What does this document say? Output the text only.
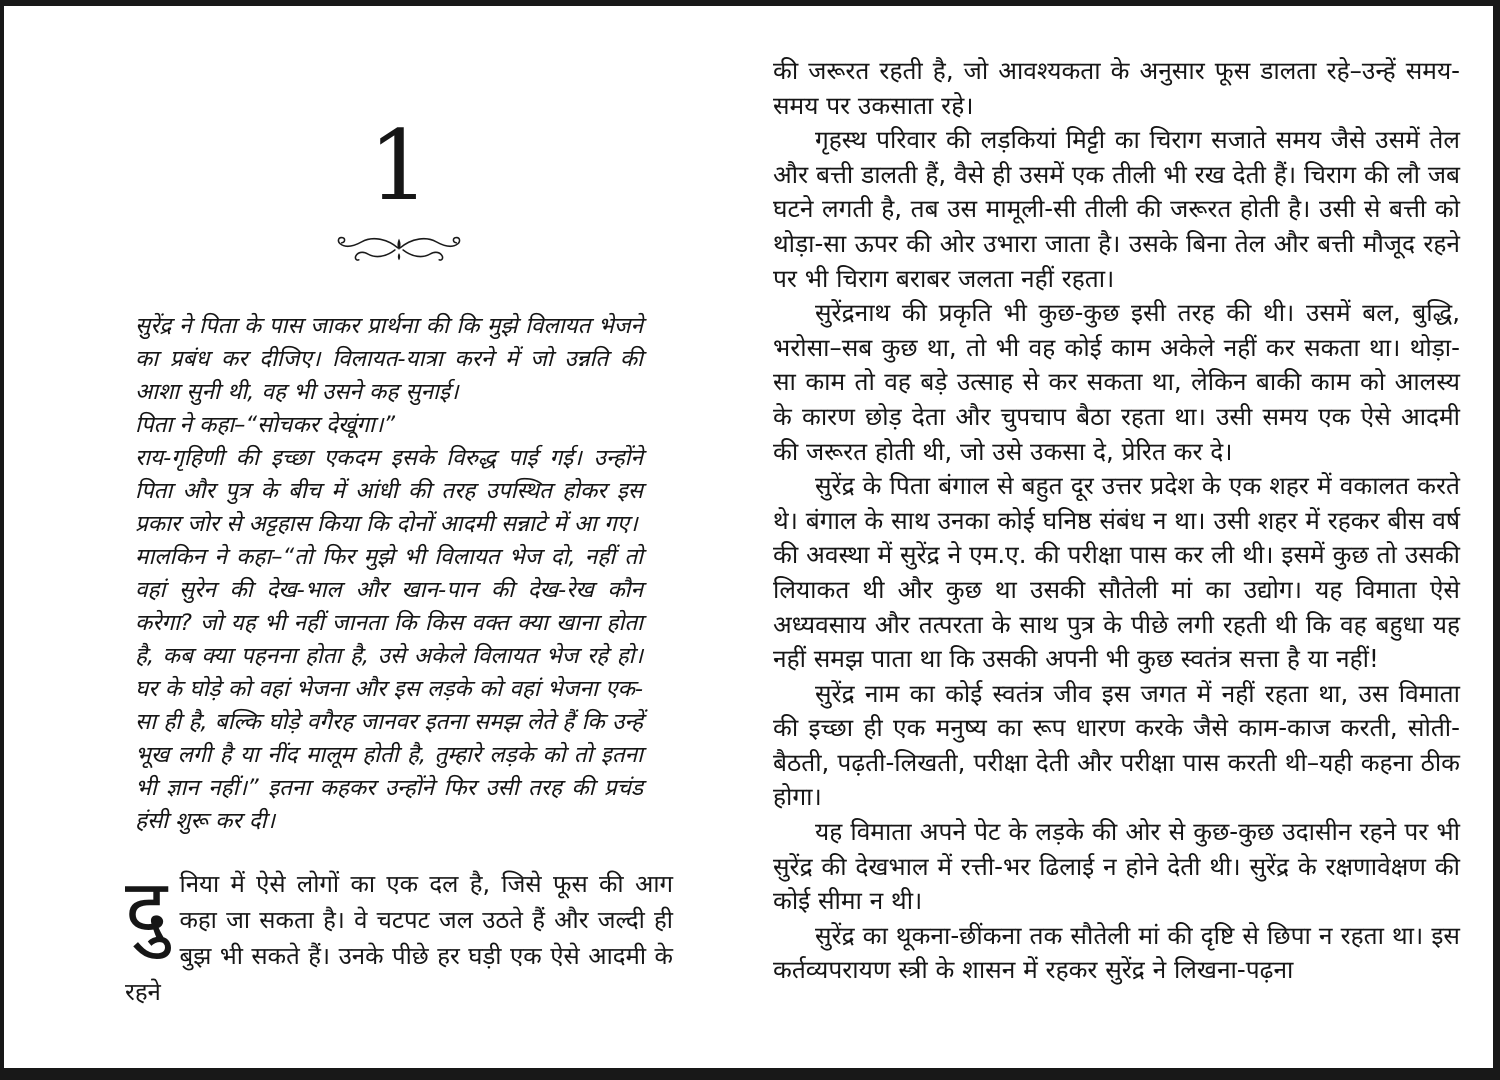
1

सुरेंद्र ने पिता के पास जाकर प्रार्थना की कि मुझे विलायत भेजने का प्रबंध कर दीजिए। विलायत-यात्रा करने में जो उन्नति की आशा सुनी थी, वह भी उसने कह सुनाई।

पिता ने कहा–“सोचकर देखूंगा।”

राय-गृहिणी की इच्छा एकदम इसके विरुद्ध पाई गई। उन्होंने पिता और पुत्र के बीच में आंधी की तरह उपस्थित होकर इस प्रकार जोर से अट्टहास किया कि दोनों आदमी सन्नाटे में आ गए।

मालकिन ने कहा–“तो फिर मुझे भी विलायत भेज दो, नहीं तो वहां सुरेन की देख-भाल और खान-पान की देख-रेख कौन करेगा? जो यह भी नहीं जानता कि किस वक्त क्या खाना होता है, कब क्या पहनना होता है, उसे अकेले विलायत भेज रहे हो। घर के घोड़े को वहां भेजना और इस लड़के को वहां भेजना एक-सा ही है, बल्कि घोड़े वगैरह जानवर इतना समझ लेते हैं कि उन्हें भूख लगी है या नींद मालूम होती है, तुम्हारे लड़के को तो इतना भी ज्ञान नहीं।” इतना कहकर उन्होंने फिर उसी तरह की प्रचंड हंसी शुरू कर दी।

दुनिया में ऐसे लोगों का एक दल है, जिसे फूस की आग कहा जा सकता है। वे चटपट जल उठते हैं और जल्दी ही बुझ भी सकते हैं। उनके पीछे हर घड़ी एक ऐसे आदमी के रहने

की जरूरत रहती है, जो आवश्यकता के अनुसार फूस डालता रहे–उन्हें समय-समय पर उकसाता रहे।

गृहस्थ परिवार की लड़कियां मिट्टी का चिराग सजाते समय जैसे उसमें तेल और बत्ती डालती हैं, वैसे ही उसमें एक तीली भी रख देती हैं। चिराग की लौ जब घटने लगती है, तब उस मामूली-सी तीली की जरूरत होती है। उसी से बत्ती को थोड़ा-सा ऊपर की ओर उभारा जाता है। उसके बिना तेल और बत्ती मौजूद रहने पर भी चिराग बराबर जलता नहीं रहता।

सुरेंद्रनाथ की प्रकृति भी कुछ-कुछ इसी तरह की थी। उसमें बल, बुद्धि, भरोसा–सब कुछ था, तो भी वह कोई काम अकेले नहीं कर सकता था। थोड़ा-सा काम तो वह बड़े उत्साह से कर सकता था, लेकिन बाकी काम को आलस्य के कारण छोड़ देता और चुपचाप बैठा रहता था। उसी समय एक ऐसे आदमी की जरूरत होती थी, जो उसे उकसा दे, प्रेरित कर दे।

सुरेंद्र के पिता बंगाल से बहुत दूर उत्तर प्रदेश के एक शहर में वकालत करते थे। बंगाल के साथ उनका कोई घनिष्ठ संबंध न था। उसी शहर में रहकर बीस वर्ष की अवस्था में सुरेंद्र ने एम.ए. की परीक्षा पास कर ली थी। इसमें कुछ तो उसकी लियाकत थी और कुछ था उसकी सौतेली मां का उद्योग। यह विमाता ऐसे अध्यवसाय और तत्परता के साथ पुत्र के पीछे लगी रहती थी कि वह बहुधा यह नहीं समझ पाता था कि उसकी अपनी भी कुछ स्वतंत्र सत्ता है या नहीं!

सुरेंद्र नाम का कोई स्वतंत्र जीव इस जगत में नहीं रहता था, उस विमाता की इच्छा ही एक मनुष्य का रूप धारण करके जैसे काम-काज करती, सोती-बैठती, पढ़ती-लिखती, परीक्षा देती और परीक्षा पास करती थी–यही कहना ठीक होगा।

यह विमाता अपने पेट के लड़के की ओर से कुछ-कुछ उदासीन रहने पर भी सुरेंद्र की देखभाल में रत्ती-भर ढिलाई न होने देती थी। सुरेंद्र के रक्षणावेक्षण की कोई सीमा न थी।

सुरेंद्र का थूकना-छींकना तक सौतेली मां की दृष्टि से छिपा न रहता था। इस कर्तव्यपरायण स्त्री के शासन में रहकर सुरेंद्र ने लिखना-पढ़ना
